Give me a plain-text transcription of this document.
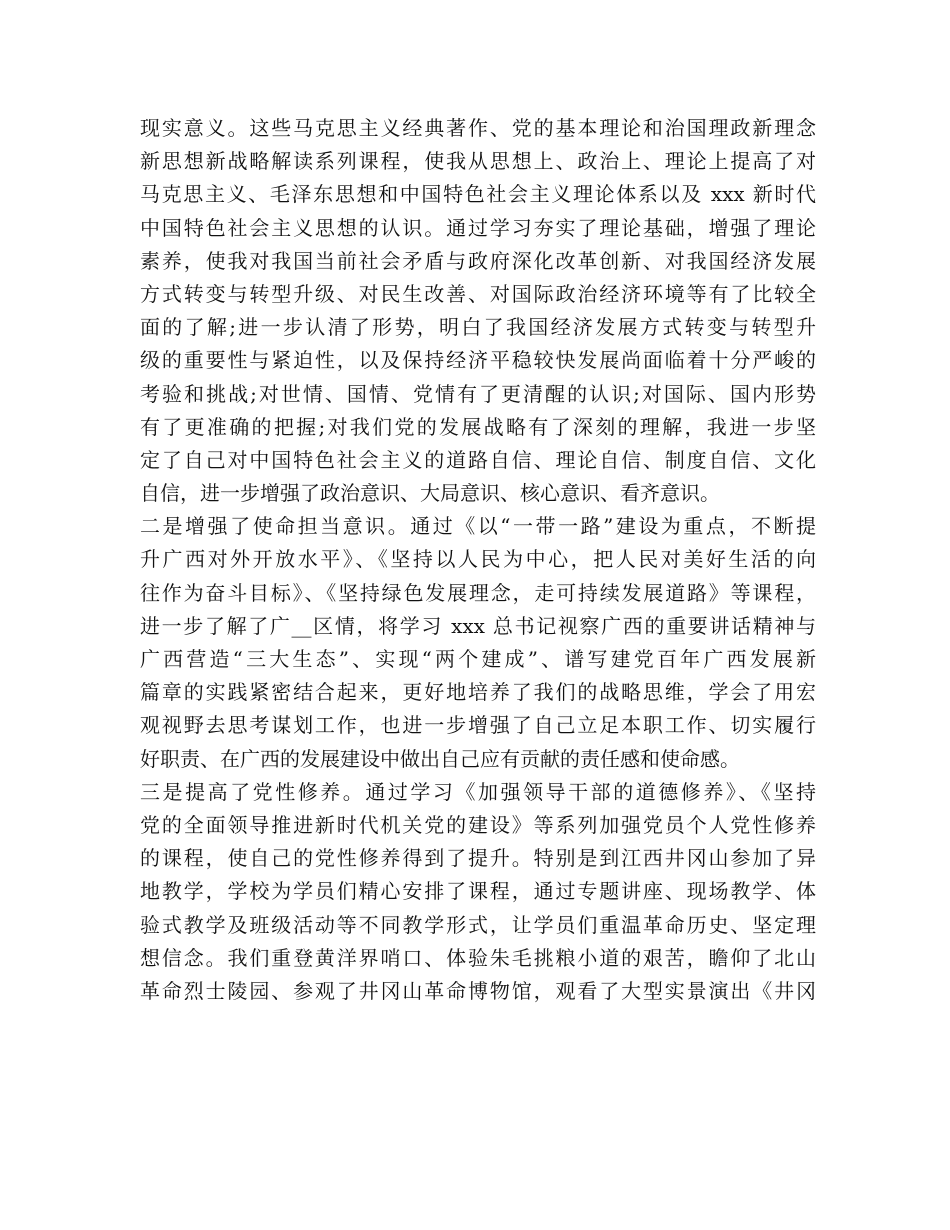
现实意义。这些马克思主义经典著作、党的基本理论和治国理政新理念
新思想新战略解读系列课程，使我从思想上、政治上、理论上提高了对
马克思主义、毛泽东思想和中国特色社会主义理论体系以及 xxx 新时代
中国特色社会主义思想的认识。通过学习夯实了理论基础，增强了理论
素养，使我对我国当前社会矛盾与政府深化改革创新、对我国经济发展
方式转变与转型升级、对民生改善、对国际政治经济环境等有了比较全
面的了解;进一步认清了形势，明白了我国经济发展方式转变与转型升
级的重要性与紧迫性，以及保持经济平稳较快发展尚面临着十分严峻的
考验和挑战;对世情、国情、党情有了更清醒的认识;对国际、国内形势
有了更准确的把握;对我们党的发展战略有了深刻的理解，我进一步坚
定了自己对中国特色社会主义的道路自信、理论自信、制度自信、文化
自信，进一步增强了政治意识、大局意识、核心意识、看齐意识。
二是增强了使命担当意识。通过《以“一带一路”建设为重点，不断提
升广西对外开放水平》、《坚持以人民为中心，把人民对美好生活的向
往作为奋斗目标》、《坚持绿色发展理念，走可持续发展道路》等课程，
进一步了解了广__区情，将学习 xxx 总书记视察广西的重要讲话精神与
广西营造“三大生态”、实现“两个建成”、谱写建党百年广西发展新
篇章的实践紧密结合起来，更好地培养了我们的战略思维，学会了用宏
观视野去思考谋划工作，也进一步增强了自己立足本职工作、切实履行
好职责、在广西的发展建设中做出自己应有贡献的责任感和使命感。
三是提高了党性修养。通过学习《加强领导干部的道德修养》、《坚持
党的全面领导推进新时代机关党的建设》等系列加强党员个人党性修养
的课程，使自己的党性修养得到了提升。特别是到江西井冈山参加了异
地教学，学校为学员们精心安排了课程，通过专题讲座、现场教学、体
验式教学及班级活动等不同教学形式，让学员们重温革命历史、坚定理
想信念。我们重登黄洋界哨口、体验朱毛挑粮小道的艰苦，瞻仰了北山
革命烈士陵园、参观了井冈山革命博物馆，观看了大型实景演出《井冈
